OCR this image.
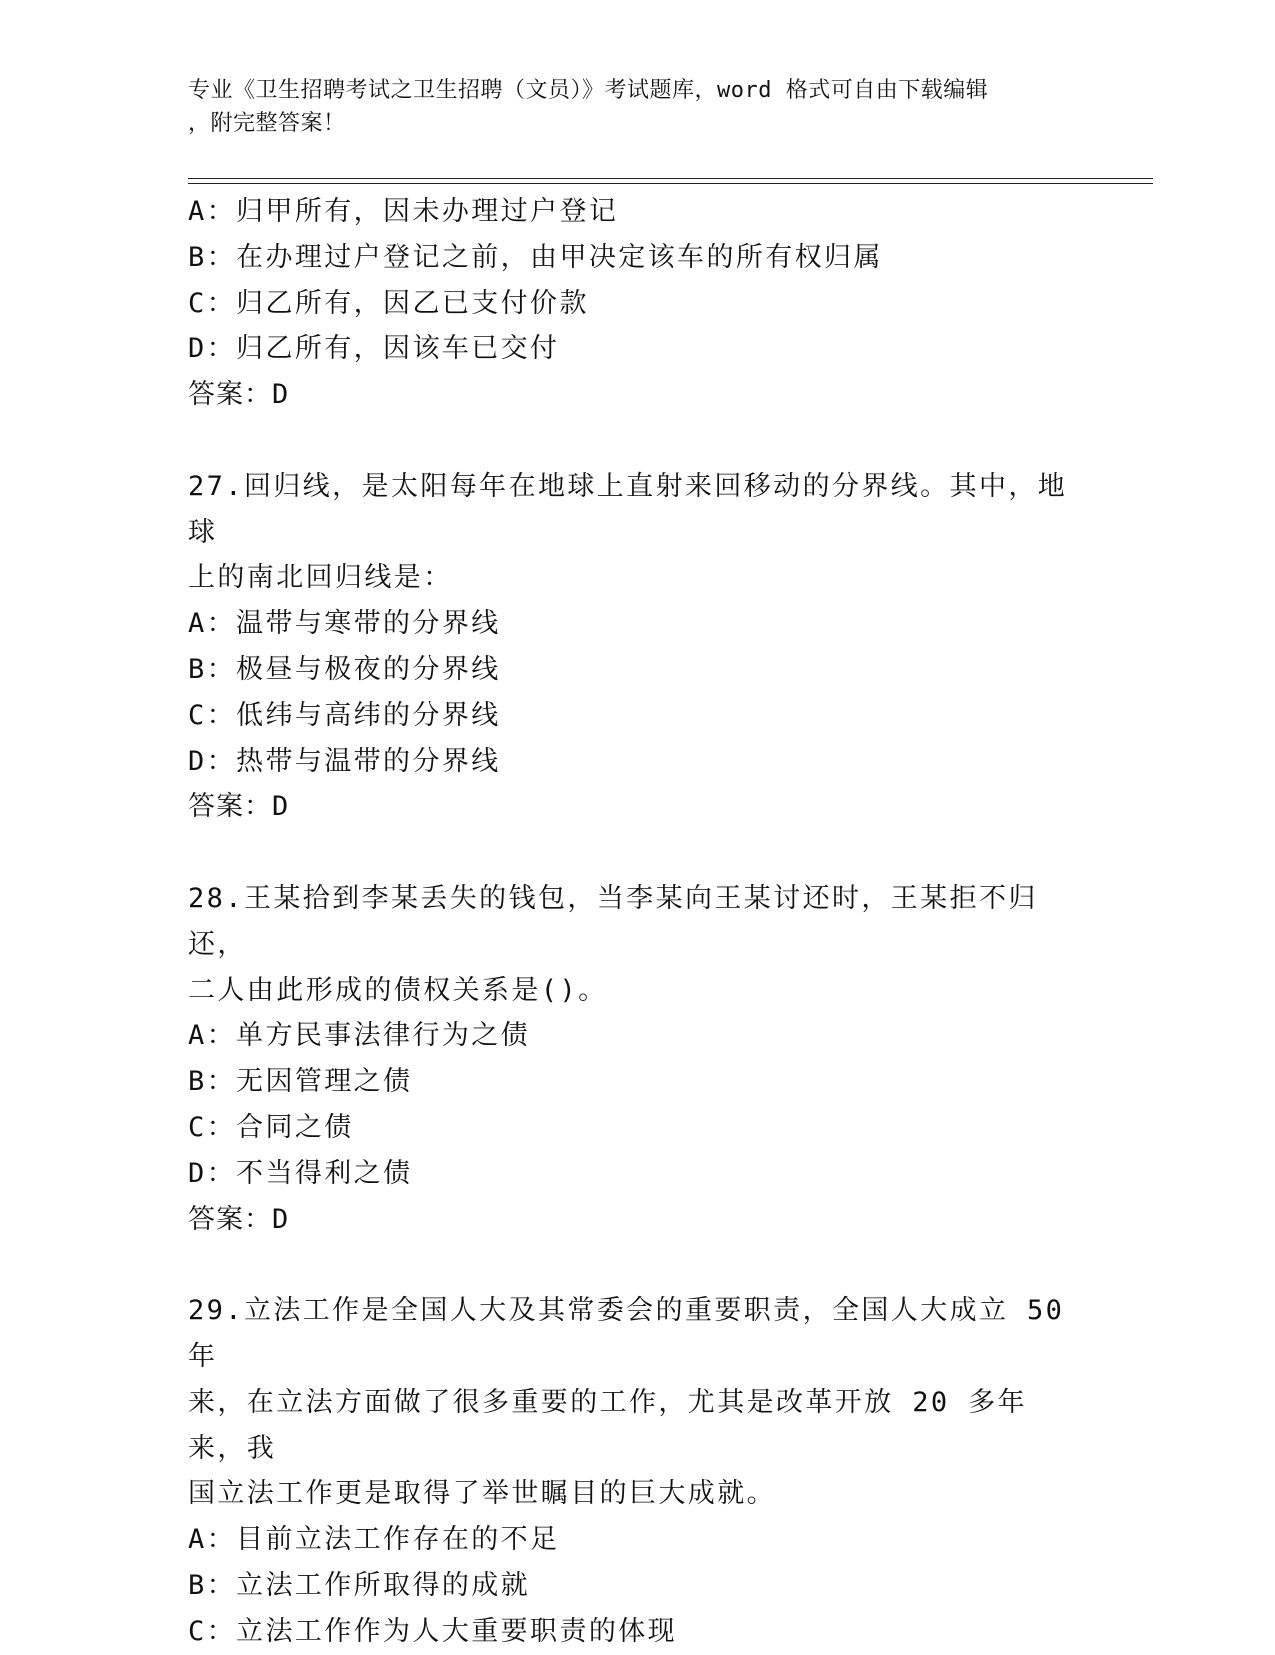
专业《卫生招聘考试之卫生招聘（文员）》考试题库，word 格式可自由下载编辑
，附完整答案！
A：归甲所有，因未办理过户登记
B：在办理过户登记之前，由甲决定该车的所有权归属
C：归乙所有，因乙已支付价款
D：归乙所有，因该车已交付
答案：D
27.回归线，是太阳每年在地球上直射来回移动的分界线。其中，地球
上的南北回归线是：
A：温带与寒带的分界线
B：极昼与极夜的分界线
C：低纬与高纬的分界线
D：热带与温带的分界线
答案：D
28.王某拾到李某丢失的钱包，当李某向王某讨还时，王某拒不归还，
二人由此形成的债权关系是()。
A：单方民事法律行为之债
B：无因管理之债
C：合同之债
D：不当得利之债
答案：D
29.立法工作是全国人大及其常委会的重要职责，全国人大成立 50 年
来，在立法方面做了很多重要的工作，尤其是改革开放 20 多年来，我
国立法工作更是取得了举世瞩目的巨大成就。
A：目前立法工作存在的不足
B：立法工作所取得的成就
C：立法工作作为人大重要职责的体现
